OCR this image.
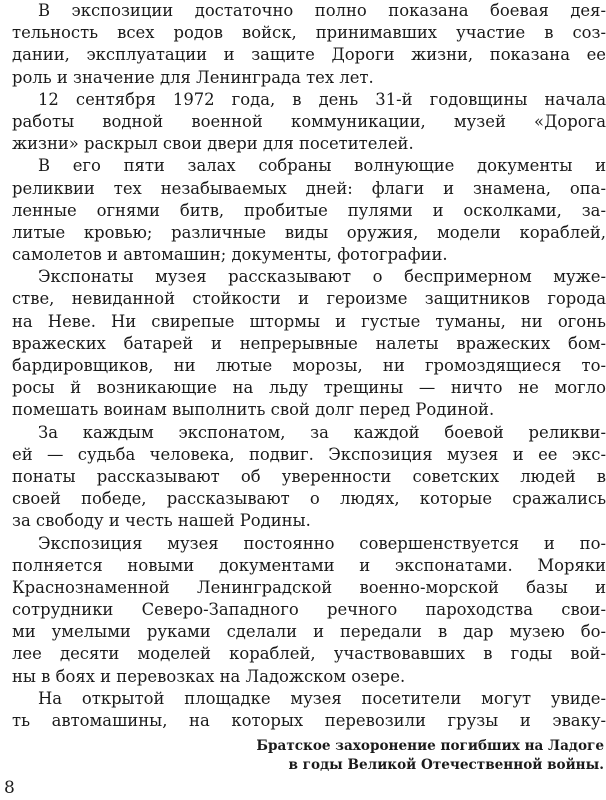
В экспозиции достаточно полно показана боевая дея-
тельность всех родов войск, принимавших участие в соз-
дании, эксплуатации и защите Дороги жизни, показана ее
роль и значение для Ленинграда тех лет.
12 сентября 1972 года, в день 31-й годовщины начала
работы водной военной коммуникации, музей «Дорога
жизни» раскрыл свои двери для посетителей.
В его пяти залах собраны волнующие документы и
реликвии тех незабываемых дней: флаги и знамена, опа-
ленные огнями битв, пробитые пулями и осколками, за-
литые кровью; различные виды оружия, модели кораблей,
самолетов и автомашин; документы, фотографии.
Экспонаты музея рассказывают о беспримерном муже-
стве, невиданной стойкости и героизме защитников города
на Неве. Ни свирепые штормы и густые туманы, ни огонь
вражеских батарей и непрерывные налеты вражеских бом-
бардировщиков, ни лютые морозы, ни громоздящиеся то-
росы й возникающие на льду трещины — ничто не могло
помешать воинам выполнить свой долг перед Родиной.
За каждым экспонатом, за каждой боевой реликви-
ей — судьба человека, подвиг. Экспозиция музея и ее экс-
понаты рассказывают об уверенности советских людей в
своей победе, рассказывают о людях, которые сражались
за свободу и честь нашей Родины.
Экспозиция музея постоянно совершенствуется и по-
полняется новыми документами и экспонатами. Моряки
Краснознаменной Ленинградской военно-морской базы и
сотрудники Северо-Западного речного пароходства свои-
ми умелыми руками сделали и передали в дар музею бо-
лее десяти моделей кораблей, участвовавших в годы вой-
ны в боях и перевозках на Ладожском озере.
На открытой площадке музея посетители могут увиде-
ть автомашины, на которых перевозили грузы и эваку-
Братское захоронение погибших на Ладоге
в годы Великой Отечественной войны.
8
